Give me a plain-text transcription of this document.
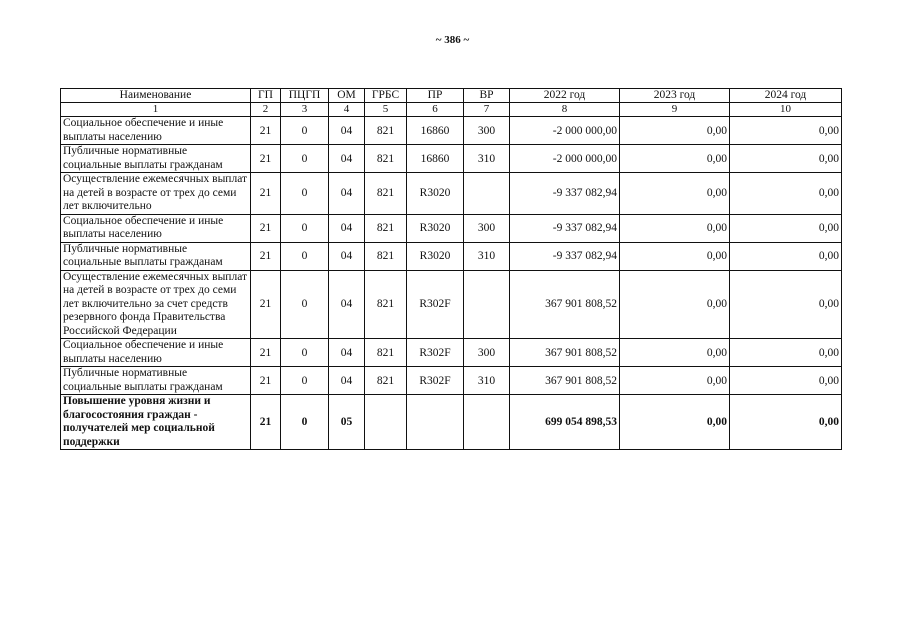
~ 386 ~
Наименование	ГП	ПЦГП	ОМ	ГРБС	ПР	ВР	2022 год	2023 год	2024 год
1	2	3	4	5	6	7	8	9	10
Социальное обеспечение и иные выплаты населению	21	0	04	821	16860	300	-2 000 000,00	0,00	0,00
Публичные нормативные социальные выплаты гражданам	21	0	04	821	16860	310	-2 000 000,00	0,00	0,00
Осуществление ежемесячных выплат на детей в возрасте от трех до семи лет включительно	21	0	04	821	R3020		-9 337 082,94	0,00	0,00
Социальное обеспечение и иные выплаты населению	21	0	04	821	R3020	300	-9 337 082,94	0,00	0,00
Публичные нормативные социальные выплаты гражданам	21	0	04	821	R3020	310	-9 337 082,94	0,00	0,00
Осуществление ежемесячных выплат на детей в возрасте от трех до семи лет включительно за счет средств резервного фонда Правительства Российской Федерации	21	0	04	821	R302F		367 901 808,52	0,00	0,00
Социальное обеспечение и иные выплаты населению	21	0	04	821	R302F	300	367 901 808,52	0,00	0,00
Публичные нормативные социальные выплаты гражданам	21	0	04	821	R302F	310	367 901 808,52	0,00	0,00
Повышение уровня жизни и благосостояния граждан - получателей мер социальной поддержки	21	0	05				699 054 898,53	0,00	0,00
